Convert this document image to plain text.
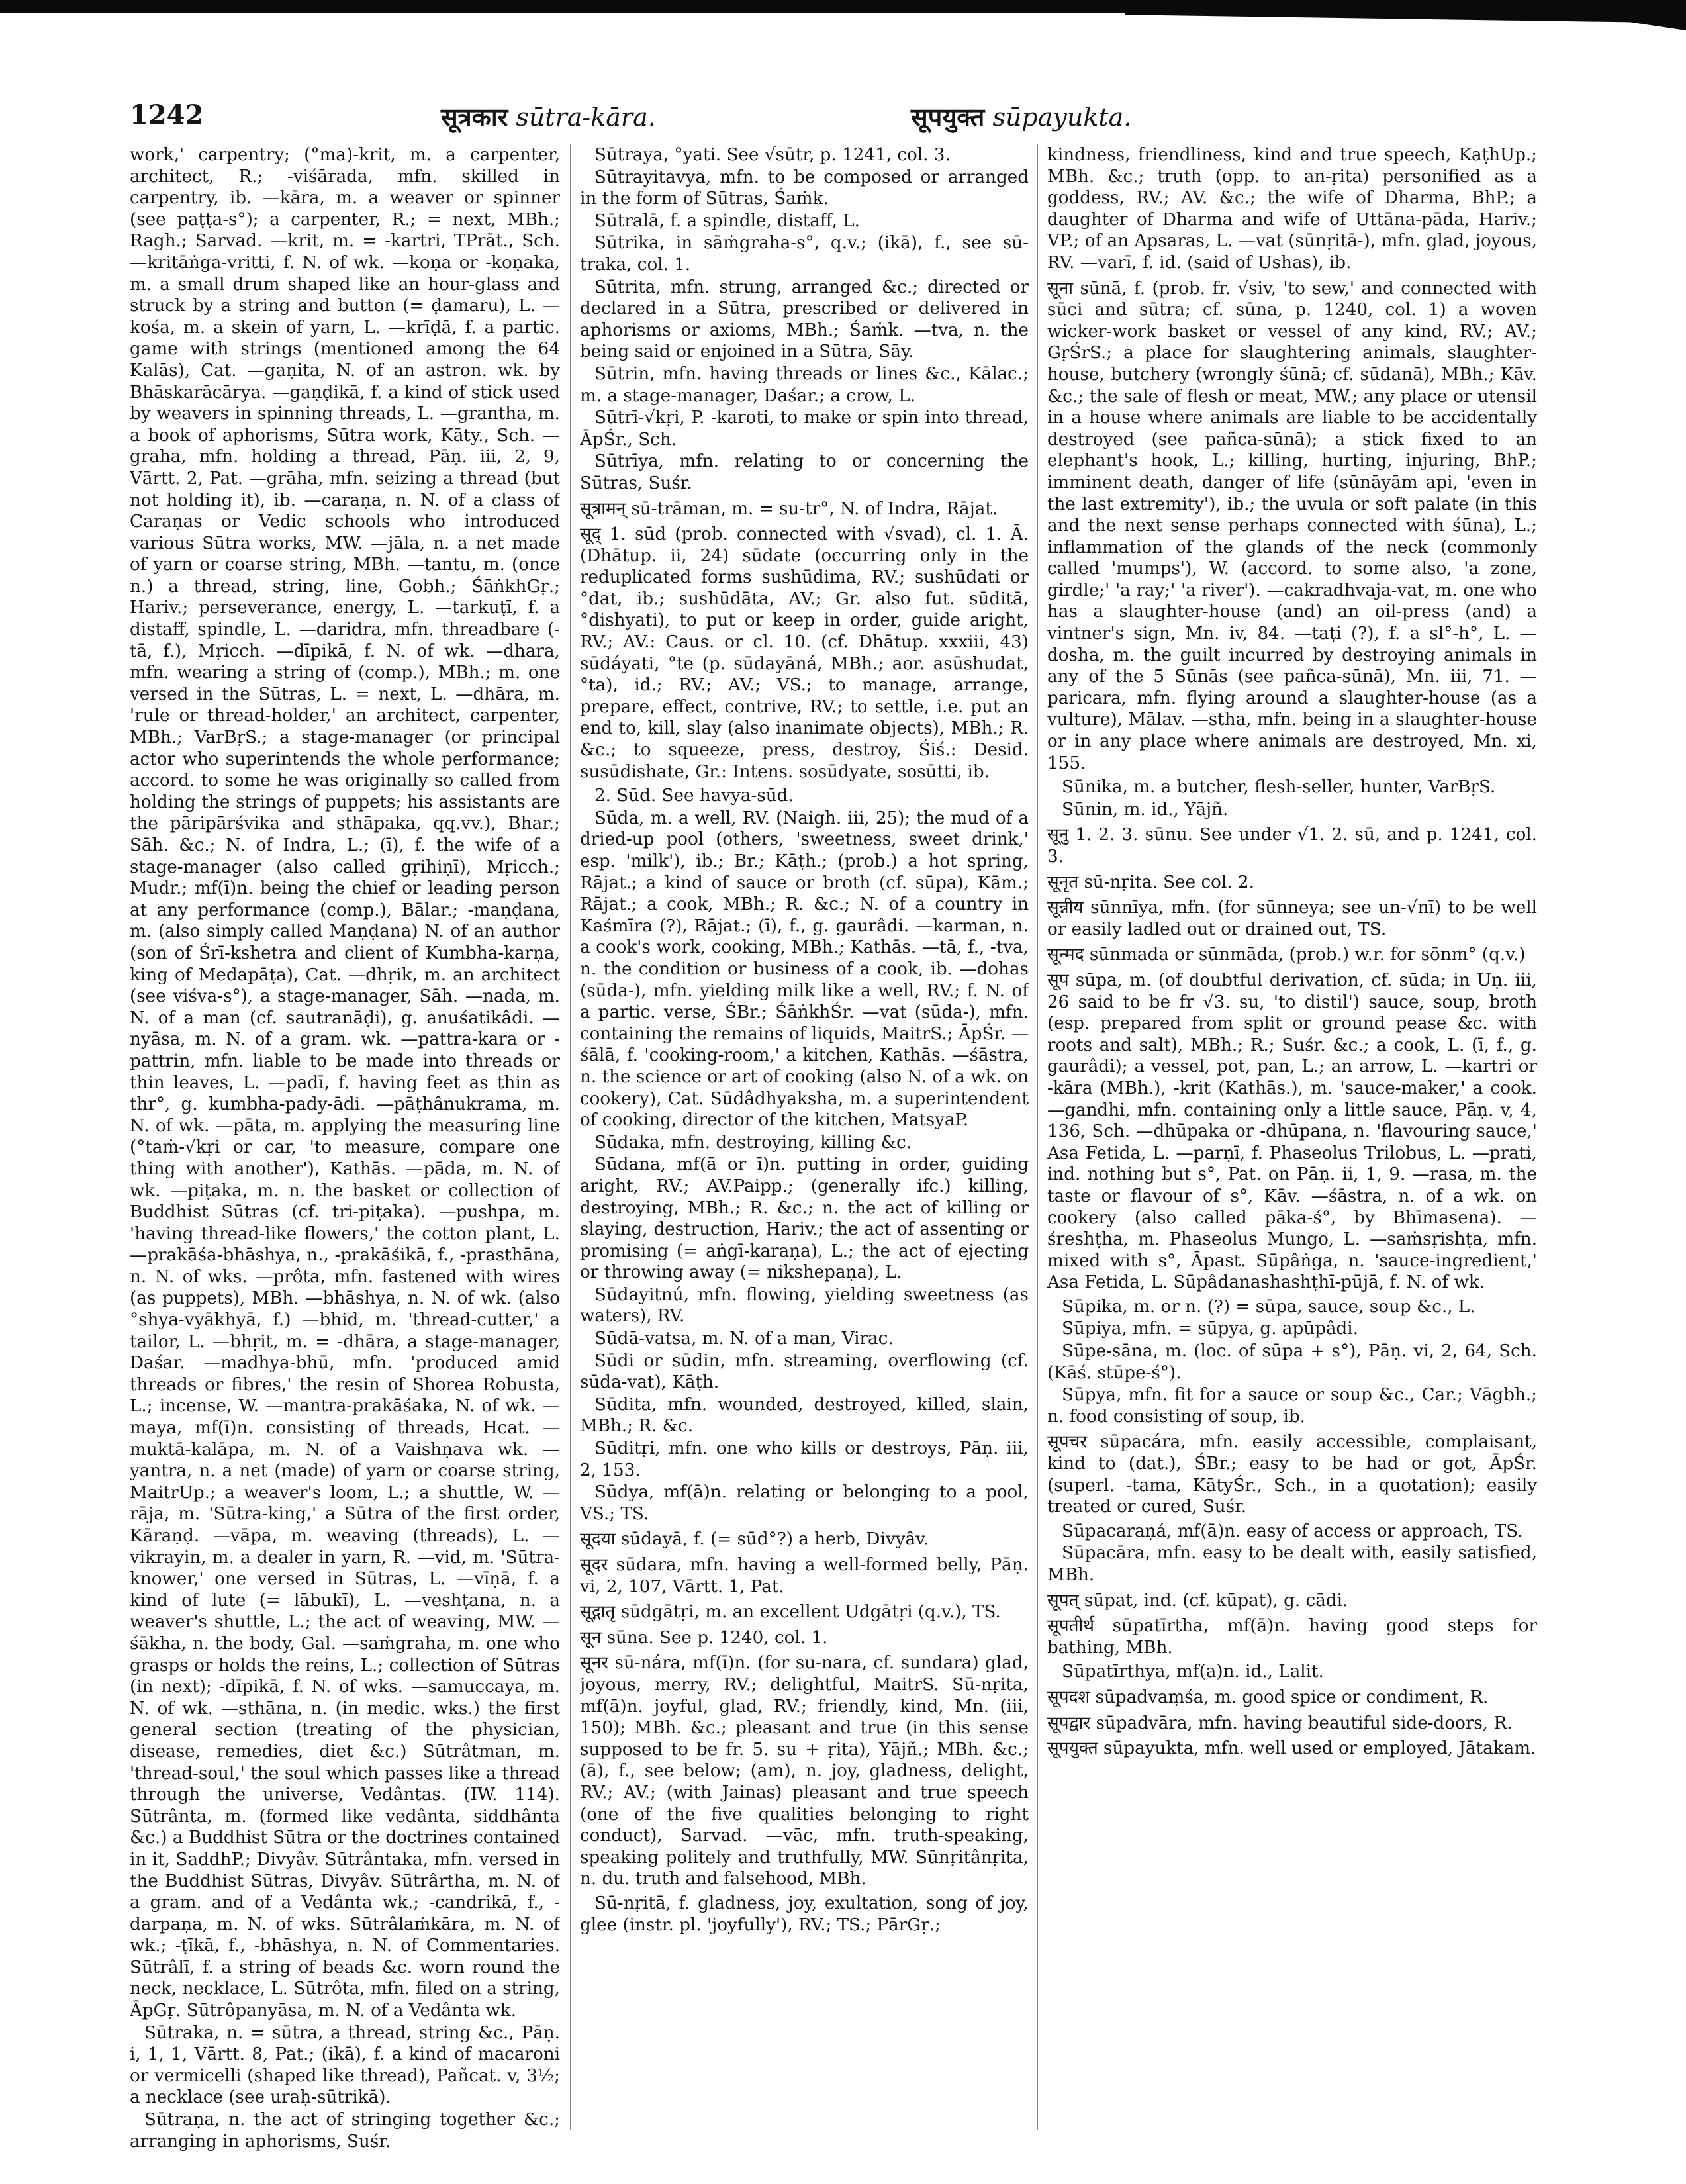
1242	सूत्रकार sūtra-kāra.	सूपयुक्त sūpayukta.

work,' carpentry; (°ma)-krit, m. a carpenter, architect, R.; -viśārada, mfn. skilled in carpentry, ib. —kāra, m. a weaver or spinner (see paṭṭa-s°); a carpenter, R.; = next, MBh.; Ragh.; Sarvad. —krit, m. = -kartri, TPrāt., Sch. —kritāṅga-vritti, f. N. of wk. —koṇa or -koṇaka, m. a small drum shaped like an hour-glass and struck by a string and button (= ḍamaru), L. —kośa, m. a skein of yarn, L. —krīḍā, f. a partic. game with strings (mentioned among the 64 Kalās), Cat. —gaṇita, N. of an astron. wk. by Bhāskarācārya. —gaṇḍikā, f. a kind of stick used by weavers in spinning threads, L. —grantha, m. a book of aphorisms, Sūtra work, Kāty., Sch. —graha, mfn. holding a thread, Pāṇ. iii, 2, 9, Vārtt. 2, Pat. —grāha, mfn. seizing a thread (but not holding it), ib. —caraṇa, n. N. of a class of Caraṇas or Vedic schools who introduced various Sūtra works, MW. —jāla, n. a net made of yarn or coarse string, MBh. —tantu, m. (once n.) a thread, string, line, Gobh.; ŚāṅkhGṛ.; Hariv.; perseverance, energy, L. —tarkuṭī, f. a distaff, spindle, L. —daridra, mfn. threadbare (-tā, f.), Mṛicch. —dīpikā, f. N. of wk. —dhara, mfn. wearing a string of (comp.), MBh.; m. one versed in the Sūtras, L. = next, L. —dhāra, m. 'rule or thread-holder,' an architect, carpenter, MBh.; VarBṛS.; a stage-manager (or principal actor who superintends the whole performance; accord. to some he was originally so called from holding the strings of puppets; his assistants are the pāripārśvika and sthāpaka, qq.vv.), Bhar.; Sāh. &c.; N. of Indra, L.; (ī), f. the wife of a stage-manager (also called gṛihiṇī), Mṛicch.; Mudr.; mf(ī)n. being the chief or leading person at any performance (comp.), Bālar.; -maṇḍana, m. (also simply called Maṇḍana) N. of an author (son of Śrī-kshetra and client of Kumbha-karṇa, king of Medapāṭa), Cat. —dhṛik, m. an architect (see viśva-s°), a stage-manager, Sāh. —nada, m. N. of a man (cf. sautranāḍi), g. anuśatikâdi. —nyāsa, m. N. of a gram. wk. —pattra-kara or -pattrin, mfn. liable to be made into threads or thin leaves, L. —padī, f. having feet as thin as thr°, g. kumbha-pady-ādi. —pāṭhânukrama, m. N. of wk. —pāta, m. applying the measuring line (°taṁ-√kṛi or car, 'to measure, compare one thing with another'), Kathās. —pāda, m. N. of wk. —piṭaka, m. n. the basket or collection of Buddhist Sūtras (cf. tri-piṭaka). —pushpa, m. 'having thread-like flowers,' the cotton plant, L. —prakāśa-bhāshya, n., -prakāśikā, f., -prasthāna, n. N. of wks. —prôta, mfn. fastened with wires (as puppets), MBh. —bhāshya, n. N. of wk. (also °shya-vyākhyā, f.) —bhid, m. 'thread-cutter,' a tailor, L. —bhṛit, m. = -dhāra, a stage-manager, Daśar. —madhya-bhū, mfn. 'produced amid threads or fibres,' the resin of Shorea Robusta, L.; incense, W. —mantra-prakāśaka, N. of wk. —maya, mf(ī)n. consisting of threads, Hcat. —muktā-kalāpa, m. N. of a Vaishṇava wk. —yantra, n. a net (made) of yarn or coarse string, MaitrUp.; a weaver's loom, L.; a shuttle, W. —rāja, m. 'Sūtra-king,' a Sūtra of the first order, Kāraṇḍ. —vāpa, m. weaving (threads), L. —vikrayin, m. a dealer in yarn, R. —vid, m. 'Sūtra-knower,' one versed in Sūtras, L. —vīṇā, f. a kind of lute (= lābukī), L. —veshṭana, n. a weaver's shuttle, L.; the act of weaving, MW. —śākha, n. the body, Gal. —saṁgraha, m. one who grasps or holds the reins, L.; collection of Sūtras (in next); -dīpikā, f. N. of wks. —samuccaya, m. N. of wk. —sthāna, n. (in medic. wks.) the first general section (treating of the physician, disease, remedies, diet &c.) Sūtrâtman, m. 'thread-soul,' the soul which passes like a thread through the universe, Vedântas. (IW. 114). Sūtrânta, m. (formed like vedânta, siddhânta &c.) a Buddhist Sūtra or the doctrines contained in it, SaddhP.; Divyâv. Sūtrântaka, mfn. versed in the Buddhist Sūtras, Divyâv. Sūtrârtha, m. N. of a gram. and of a Vedânta wk.; -candrikā, f., -darpaṇa, m. N. of wks. Sūtrâlaṁkāra, m. N. of wk.; -ṭīkā, f., -bhāshya, n. N. of Commentaries. Sūtrâlī, f. a string of beads &c. worn round the neck, necklace, L. Sūtrôta, mfn. filed on a string, ĀpGṛ. Sūtrôpanyāsa, m. N. of a Vedânta wk.

Sūtraka, n. = sūtra, a thread, string &c., Pāṇ. i, 1, 1, Vārtt. 8, Pat.; (ikā), f. a kind of macaroni or vermicelli (shaped like thread), Pañcat. v, 3½; a necklace (see uraḥ-sūtrikā).

Sūtraṇa, n. the act of stringing together &c.; arranging in aphorisms, Suśr.

Sūtraya, °yati. See √sūtr, p. 1241, col. 3.

Sūtrayitavya, mfn. to be composed or arranged in the form of Sūtras, Śaṁk.

Sūtralā, f. a spindle, distaff, L.

Sūtrika, in sāṁgraha-s°, q.v.; (ikā), f., see sū-traka, col. 1.

Sūtrita, mfn. strung, arranged &c.; directed or declared in a Sūtra, prescribed or delivered in aphorisms or axioms, MBh.; Śaṁk. —tva, n. the being said or enjoined in a Sūtra, Sāy.

Sūtrin, mfn. having threads or lines &c., Kālac.; m. a stage-manager, Daśar.; a crow, L.

Sūtrī-√kṛi, P. -karoti, to make or spin into thread, ĀpŚr., Sch.

Sūtrīya, mfn. relating to or concerning the Sūtras, Suśr.

सूत्रामन् sū-trāman, m. = su-tr°, N. of Indra, Rājat.

सूद् 1. sūd (prob. connected with √svad), cl. 1. Ā. (Dhātup. ii, 24) sūdate (occurring only in the reduplicated forms sushūdima, RV.; sushūdati or °dat, ib.; sushūdāta, AV.; Gr. also fut. sūditā, °dishyati), to put or keep in order, guide aright, RV.; AV.: Caus. or cl. 10. (cf. Dhātup. xxxiii, 43) sūdáyati, °te (p. sūdayāná, MBh.; aor. asūshudat, °ta), id.; RV.; AV.; VS.; to manage, arrange, prepare, effect, contrive, RV.; to settle, i.e. put an end to, kill, slay (also inanimate objects), MBh.; R. &c.; to squeeze, press, destroy, Śiś.: Desid. susūdishate, Gr.: Intens. sosūdyate, sosūtti, ib.

2. Sūd. See havya-sūd.

Sūda, m. a well, RV. (Naigh. iii, 25); the mud of a dried-up pool (others, 'sweetness, sweet drink,' esp. 'milk'), ib.; Br.; Kāṭh.; (prob.) a hot spring, Rājat.; a kind of sauce or broth (cf. sūpa), Kām.; Rājat.; a cook, MBh.; R. &c.; N. of a country in Kaśmīra (?), Rājat.; (ī), f., g. gaurâdi. —karman, n. a cook's work, cooking, MBh.; Kathās. —tā, f., -tva, n. the condition or business of a cook, ib. —dohas (sūda-), mfn. yielding milk like a well, RV.; f. N. of a partic. verse, ŚBr.; ŚāṅkhŚr. —vat (sūda-), mfn. containing the remains of liquids, MaitrS.; ĀpŚr. —śālā, f. 'cooking-room,' a kitchen, Kathās. —śāstra, n. the science or art of cooking (also N. of a wk. on cookery), Cat. Sūdâdhyaksha, m. a superintendent of cooking, director of the kitchen, MatsyaP.

Sūdaka, mfn. destroying, killing &c.

Sūdana, mf(ā or ī)n. putting in order, guiding aright, RV.; AV.Paipp.; (generally ifc.) killing, destroying, MBh.; R. &c.; n. the act of killing or slaying, destruction, Hariv.; the act of assenting or promising (= aṅgī-karaṇa), L.; the act of ejecting or throwing away (= nikshepaṇa), L.

Sūdayitnú, mfn. flowing, yielding sweetness (as waters), RV.

Sūdā-vatsa, m. N. of a man, Virac.

Sūdi or sūdin, mfn. streaming, overflowing (cf. sūda-vat), Kāṭh.

Sūdita, mfn. wounded, destroyed, killed, slain, MBh.; R. &c.

Sūditṛi, mfn. one who kills or destroys, Pāṇ. iii, 2, 153.

Sūdya, mf(ā)n. relating or belonging to a pool, VS.; TS.

सूदया sūdayā, f. (= sūd°?) a herb, Divyâv.

सूदर sūdara, mfn. having a well-formed belly, Pāṇ. vi, 2, 107, Vārtt. 1, Pat.

सूद्गातृ sūdgātṛi, m. an excellent Udgātṛi (q.v.), TS.

सून sūna. See p. 1240, col. 1.

सूनर sū-nára, mf(ī)n. (for su-nara, cf. sundara) glad, joyous, merry, RV.; delightful, MaitrS. Sū-nṛita, mf(ā)n. joyful, glad, RV.; friendly, kind, Mn. (iii, 150); MBh. &c.; pleasant and true (in this sense supposed to be fr. 5. su + ṛita), Yājñ.; MBh. &c.; (ā), f., see below; (am), n. joy, gladness, delight, RV.; AV.; (with Jainas) pleasant and true speech (one of the five qualities belonging to right conduct), Sarvad. —vāc, mfn. truth-speaking, speaking politely and truthfully, MW. Sūnṛitânṛita, n. du. truth and falsehood, MBh.

Sū-nṛitā, f. gladness, joy, exultation, song of joy, glee (instr. pl. 'joyfully'), RV.; TS.; PārGṛ.;

kindness, friendliness, kind and true speech, KaṭhUp.; MBh. &c.; truth (opp. to an-ṛita) personified as a goddess, RV.; AV. &c.; the wife of Dharma, BhP.; a daughter of Dharma and wife of Uttāna-pāda, Hariv.; VP.; of an Apsaras, L. —vat (sūnṛitā-), mfn. glad, joyous, RV. —varī, f. id. (said of Ushas), ib.

सूना sūnā, f. (prob. fr. √siv, 'to sew,' and connected with sūci and sūtra; cf. sūna, p. 1240, col. 1) a woven wicker-work basket or vessel of any kind, RV.; AV.; GṛŚrS.; a place for slaughtering animals, slaughter-house, butchery (wrongly śūnā; cf. sūdanā), MBh.; Kāv. &c.; the sale of flesh or meat, MW.; any place or utensil in a house where animals are liable to be accidentally destroyed (see pañca-sūnā); a stick fixed to an elephant's hook, L.; killing, hurting, injuring, BhP.; imminent death, danger of life (sūnāyām api, 'even in the last extremity'), ib.; the uvula or soft palate (in this and the next sense perhaps connected with śūna), L.; inflammation of the glands of the neck (commonly called 'mumps'), W. (accord. to some also, 'a zone, girdle;' 'a ray;' 'a river'). —cakradhvaja-vat, m. one who has a slaughter-house (and) an oil-press (and) a vintner's sign, Mn. iv, 84. —taṭi (?), f. a sl°-h°, L. —dosha, m. the guilt incurred by destroying animals in any of the 5 Sūnās (see pañca-sūnā), Mn. iii, 71. —paricara, mfn. flying around a slaughter-house (as a vulture), Mālav. —stha, mfn. being in a slaughter-house or in any place where animals are destroyed, Mn. xi, 155.

Sūnika, m. a butcher, flesh-seller, hunter, VarBṛS.

Sūnin, m. id., Yājñ.

सूनु 1. 2. 3. sūnu. See under √1. 2. sū, and p. 1241, col. 3.

सूनृत sū-nṛita. See col. 2.

सून्नीय sūnnīya, mfn. (for sūnneya; see un-√nī) to be well or easily ladled out or drained out, TS.

सून्मद sūnmada or sūnmāda, (prob.) w.r. for sōnm° (q.v.)

सूप sūpa, m. (of doubtful derivation, cf. sūda; in Uṇ. iii, 26 said to be fr √3. su, 'to distil') sauce, soup, broth (esp. prepared from split or ground pease &c. with roots and salt), MBh.; R.; Suśr. &c.; a cook, L. (ī, f., g. gaurâdi); a vessel, pot, pan, L.; an arrow, L. —kartri or -kāra (MBh.), -krit (Kathās.), m. 'sauce-maker,' a cook. —gandhi, mfn. containing only a little sauce, Pāṇ. v, 4, 136, Sch. —dhūpaka or -dhūpana, n. 'flavouring sauce,' Asa Fetida, L. —parṇī, f. Phaseolus Trilobus, L. —prati, ind. nothing but s°, Pat. on Pāṇ. ii, 1, 9. —rasa, m. the taste or flavour of s°, Kāv. —śāstra, n. of a wk. on cookery (also called pāka-ś°, by Bhīmasena). —śreshṭha, m. Phaseolus Mungo, L. —saṁsṛishṭa, mfn. mixed with s°, Āpast. Sūpâṅga, n. 'sauce-ingredient,' Asa Fetida, L. Sūpâdanashashṭhī-pūjā, f. N. of wk.

Sūpika, m. or n. (?) = sūpa, sauce, soup &c., L.

Sūpiya, mfn. = sūpya, g. apūpâdi.

Sūpe-sāna, m. (loc. of sūpa + s°), Pāṇ. vi, 2, 64, Sch. (Kāś. stūpe-ś°).

Sūpya, mfn. fit for a sauce or soup &c., Car.; Vāgbh.; n. food consisting of soup, ib.

सूपचर sūpacára, mfn. easily accessible, complaisant, kind to (dat.), ŚBr.; easy to be had or got, ĀpŚr. (superl. -tama, KātyŚr., Sch., in a quotation); easily treated or cured, Suśr.

Sūpacaraṇá, mf(ā)n. easy of access or approach, TS.

Sūpacāra, mfn. easy to be dealt with, easily satisfied, MBh.

सूपत् sūpat, ind. (cf. kūpat), g. cādi.

सूपतीर्थ sūpatīrtha, mf(ā)n. having good steps for bathing, MBh.

Sūpatīrthya, mf(a)n. id., Lalit.

सूपदश sūpadvaṃśa, m. good spice or condiment, R.

सूपद्वार sūpadvāra, mfn. having beautiful side-doors, R.

सूपयुक्त sūpayukta, mfn. well used or employed, Jātakam.
